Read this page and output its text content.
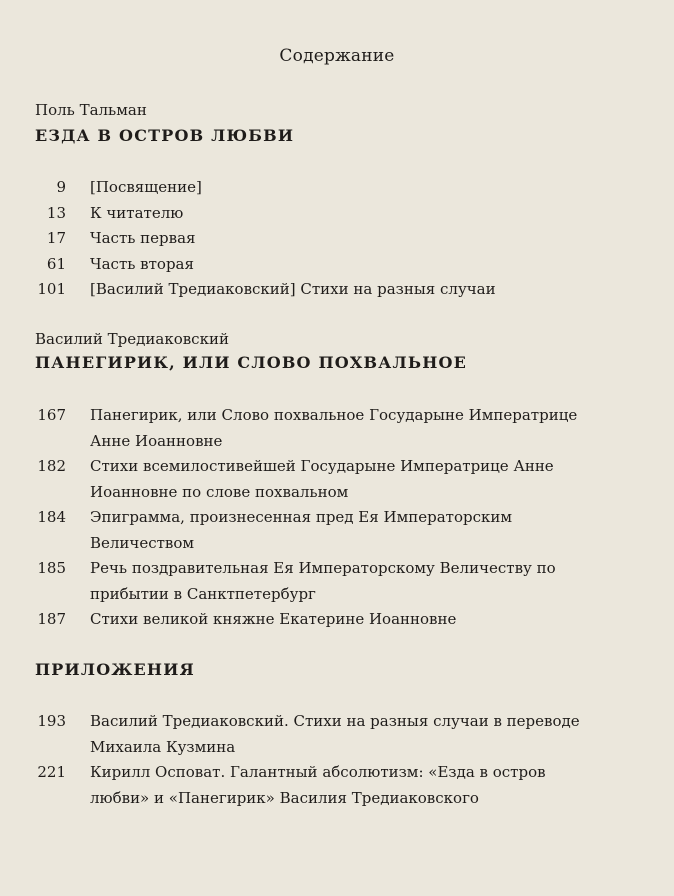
Содержание
Поль Тальман
ЕЗДА В ОСТРОВ ЛЮБВИ
9 [Посвящение]
13 К читателю
17 Часть первая
61 Часть вторая
101 [Василий Тредиаковский] Стихи на разныя случаи
Василий Тредиаковский
ПАНЕГИРИК, ИЛИ СЛОВО ПОХВАЛЬНОЕ
167 Панегирик, или Слово похвальное Государыне Императрице
Анне Иоанновне
182 Стихи всемилостивейшей Государыне Императрице Анне
Иоанновне по слове похвальном
184 Эпиграмма, произнесенная пред Ея Императорским
Величеством
185 Речь поздравительная Ея Императорскому Величеству по
прибытии в Санктпетербург
187 Стихи великой княжне Екатерине Иоанновне
ПРИЛОЖЕНИЯ
193 Василий Тредиаковский. Стихи на разныя случаи в переводе
Михаила Кузмина
221 Кирилл Осповат. Галантный абсолютизм: «Езда в остров
любви» и «Панегирик» Василия Тредиаковского
